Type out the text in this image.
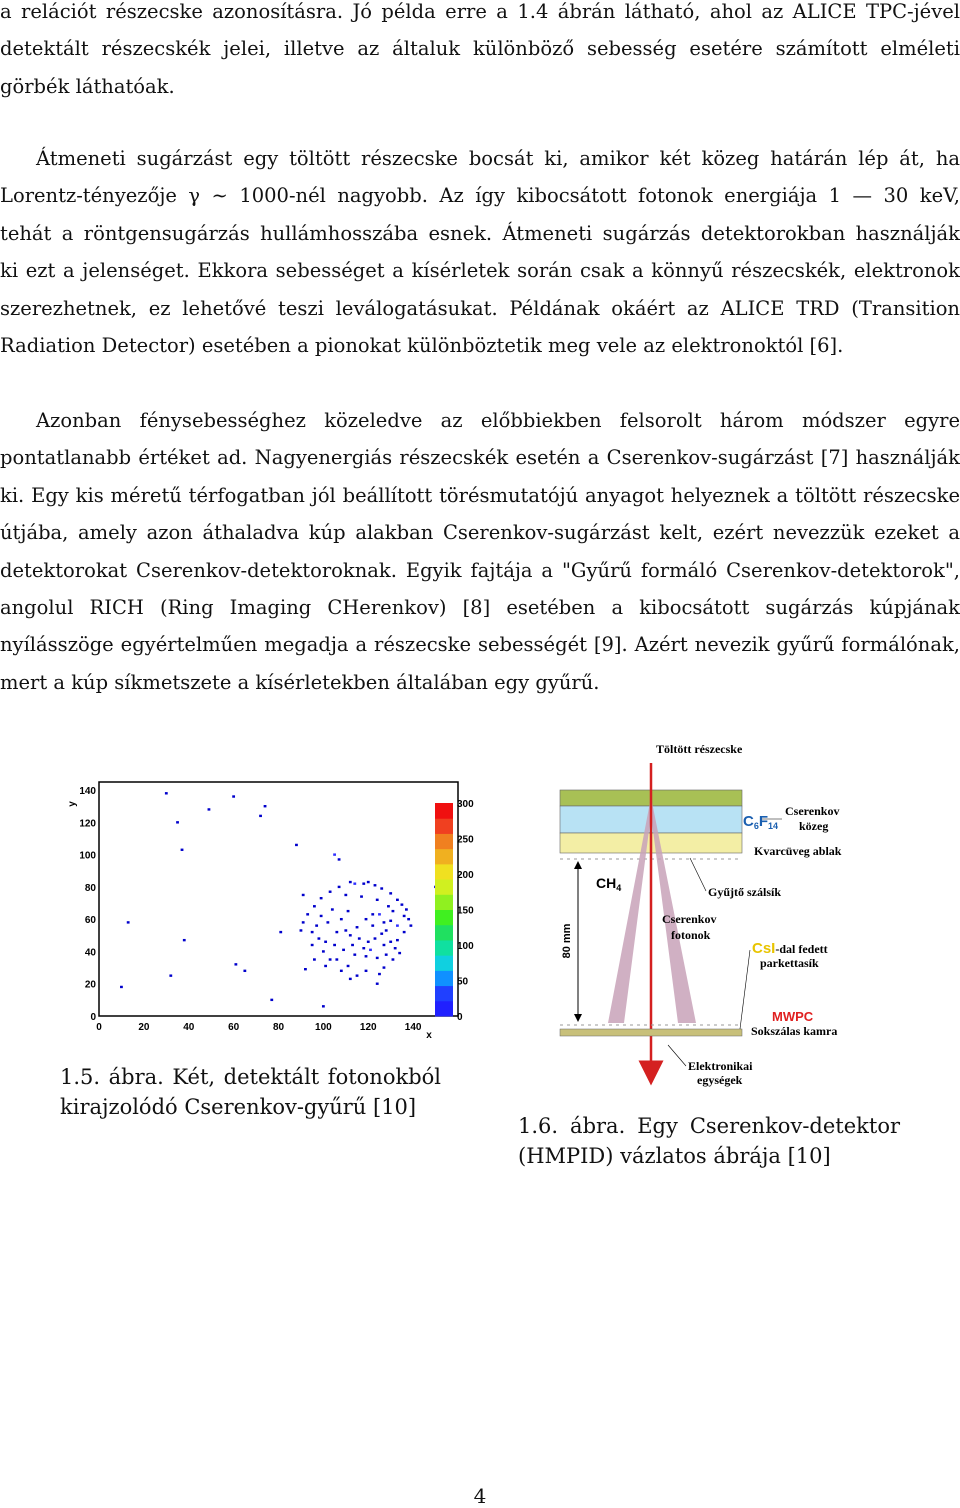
a relációt részecske azonosításra. Jó példa erre a 1.4 ábrán látható, ahol az ALICE TPC-jével
detektált részecskék jelei, illetve az általuk különböző sebesség esetére számított elméleti
görbék láthatóak.
Átmeneti sugárzást egy töltött részecske bocsát ki, amikor két közeg határán lép át, ha
Lorentz-tényezője γ ∼ 1000-nél nagyobb. Az így kibocsátott fotonok energiája 1 — 30 keV,
tehát a röntgensugárzás hullámhosszába esnek. Átmeneti sugárzás detektorokban használják
ki ezt a jelenséget. Ekkora sebességet a kísérletek során csak a könnyű részecskék, elektronok
szerezhetnek, ez lehetővé teszi leválogatásukat. Példának okáért az ALICE TRD (Transition
Radiation Detector) esetében a pionokat különböztetik meg vele az elektronoktól [6].
Azonban fénysebességhez közeledve az előbbiekben felsorolt három módszer egyre
pontatlanabb értéket ad. Nagyenergiás részecskék esetén a Cserenkov-sugárzást [7] használják
ki. Egy kis méretű térfogatban jól beállított törésmutatójú anyagot helyeznek a töltött részecske
útjába, amely azon áthaladva kúp alakban Cserenkov-sugárzást kelt, ezért nevezzük ezeket a
detektorokat Cserenkov-detektoroknak. Egyik fajtája a "Gyűrű formáló Cserenkov-detektorok",
angolul RICH (Ring Imaging CHerenkov) [8] esetében a kibocsátott sugárzás kúpjának
nyílásszöge egyértelműen megadja a részecske sebességét [9]. Azért nevezik gyűrű formálónak,
mert a kúp síkmetszete a kísérletekben általában egy gyűrű.
y
x
0
20
40
60
80
100
120
140
0	20	40	60	80	100	120	140
0
50
100
150
200
250
300

1.5. ábra. Két, detektált fotonokból
kirajzolódó Cserenkov-gyűrű [10]

Töltött részecske
80 mm
$C_6F_{14}$
Cserenkov
közeg
Kvarcüveg ablak
$CH_4$	Gyűjtő szálsík
Cserenkov
fotonok
CsI-dal fedett
parkettasík
MWPC
Sokszálas kamra
Elektronikai
egységek

1.6. ábra. Egy Cserenkov-detektor
(HMPID) vázlatos ábrája [10]

4
